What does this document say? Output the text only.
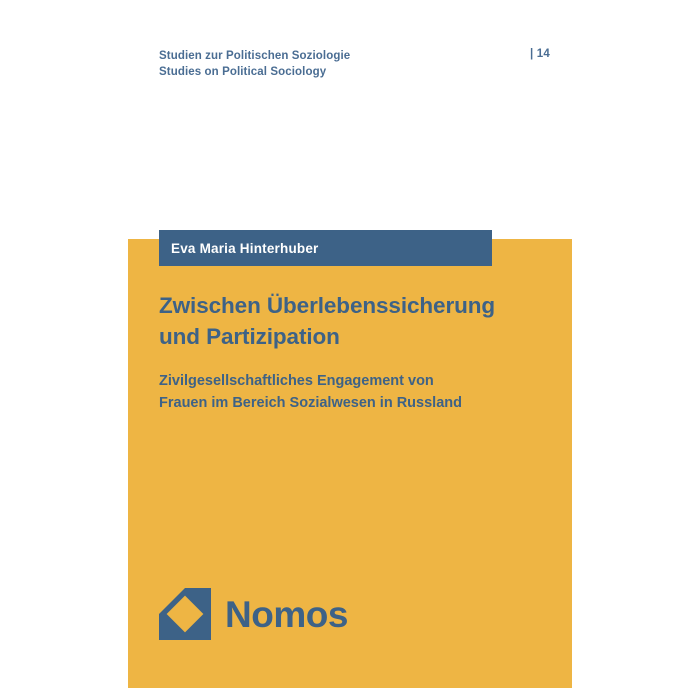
Studien zur Politischen Soziologie
Studies on Political Sociology
| 14
Eva Maria Hinterhuber
Zwischen Überlebenssicherung
und Partizipation
Zivilgesellschaftliches Engagement von
Frauen im Bereich Sozialwesen in Russland
Nomos
